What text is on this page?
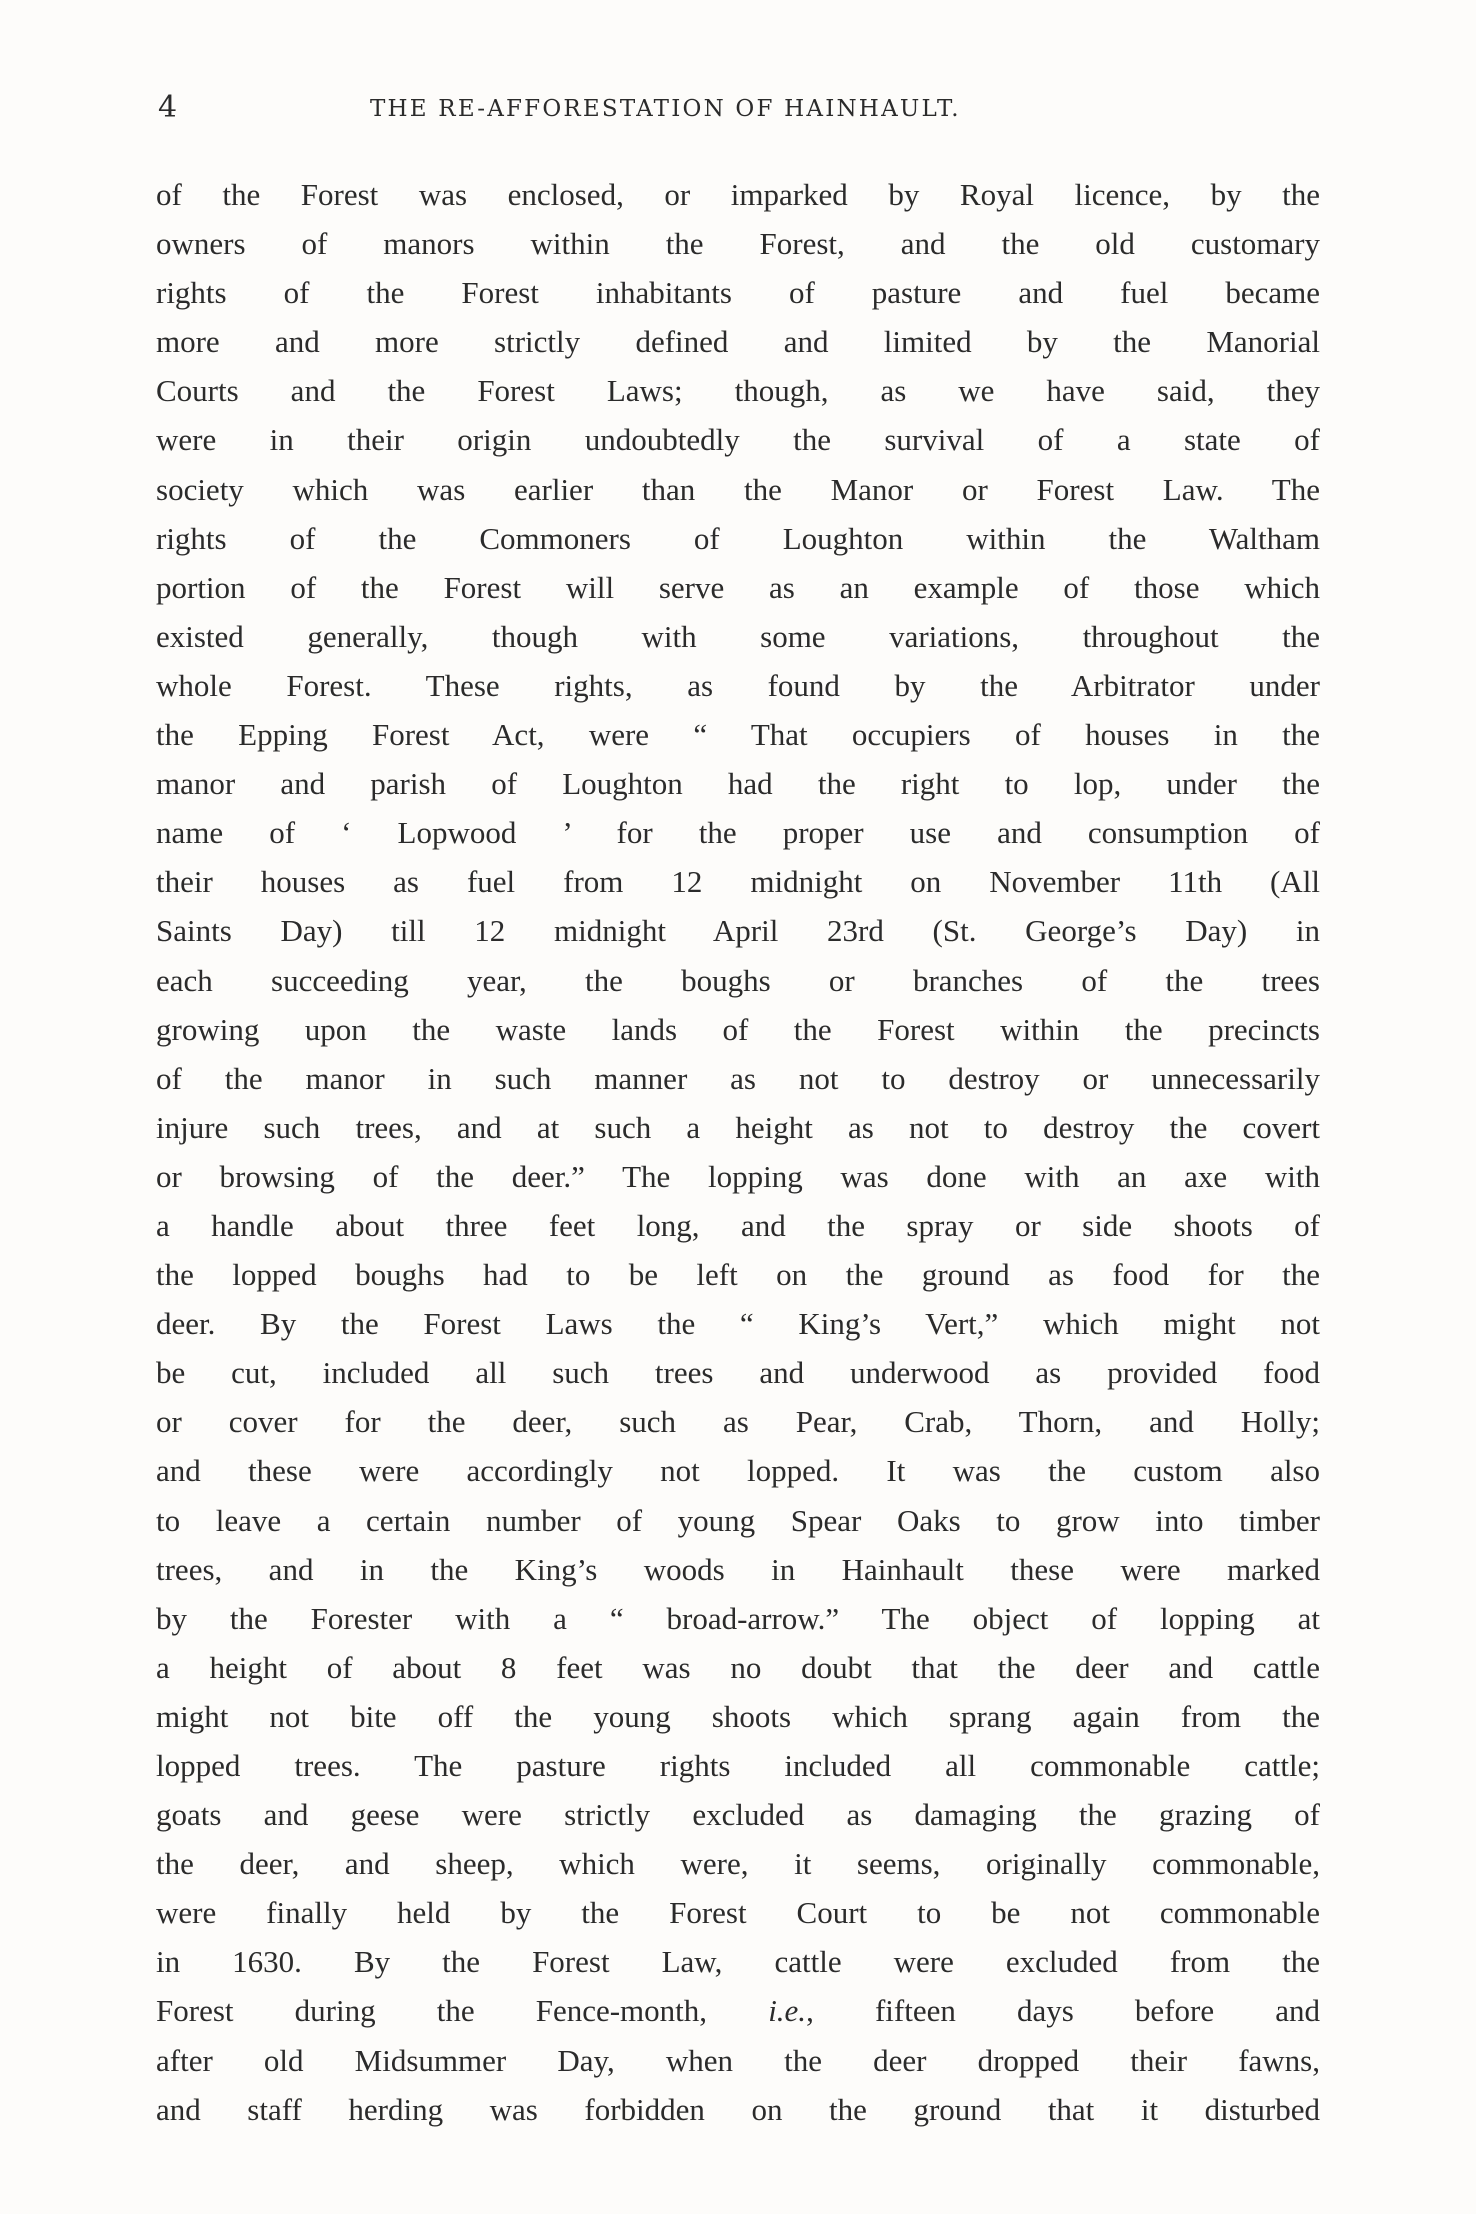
4	THE RE-AFFORESTATION OF HAINHAULT.
of the Forest was enclosed, or imparked by Royal licence, by the
owners of manors within the Forest, and the old customary
rights of the Forest inhabitants of pasture and fuel became
more and more strictly defined and limited by the Manorial
Courts and the Forest Laws; though, as we have said, they
were in their origin undoubtedly the survival of a state of
society which was earlier than the Manor or Forest Law. The
rights of the Commoners of Loughton within the Waltham
portion of the Forest will serve as an example of those which
existed generally, though with some variations, throughout the
whole Forest. These rights, as found by the Arbitrator under
the Epping Forest Act, were “ That occupiers of houses in the
manor and parish of Loughton had the right to lop, under the
name of ‘ Lopwood ’ for the proper use and consumption of
their houses as fuel from 12 midnight on November 11th (All
Saints Day) till 12 midnight April 23rd (St. George’s Day) in
each succeeding year, the boughs or branches of the trees
growing upon the waste lands of the Forest within the precincts
of the manor in such manner as not to destroy or unnecessarily
injure such trees, and at such a height as not to destroy the covert
or browsing of the deer.” The lopping was done with an axe with
a handle about three feet long, and the spray or side shoots of
the lopped boughs had to be left on the ground as food for the
deer. By the Forest Laws the “ King’s Vert,” which might not
be cut, included all such trees and underwood as provided food
or cover for the deer, such as Pear, Crab, Thorn, and Holly;
and these were accordingly not lopped. It was the custom also
to leave a certain number of young Spear Oaks to grow into timber
trees, and in the King’s woods in Hainhault these were marked
by the Forester with a “ broad-arrow.” The object of lopping at
a height of about 8 feet was no doubt that the deer and cattle
might not bite off the young shoots which sprang again from the
lopped trees. The pasture rights included all commonable cattle;
goats and geese were strictly excluded as damaging the grazing of
the deer, and sheep, which were, it seems, originally commonable,
were finally held by the Forest Court to be not commonable
in 1630. By the Forest Law, cattle were excluded from the
Forest during the Fence-month, i.e., fifteen days before and
after old Midsummer Day, when the deer dropped their fawns,
and staff herding was forbidden on the ground that it disturbed
